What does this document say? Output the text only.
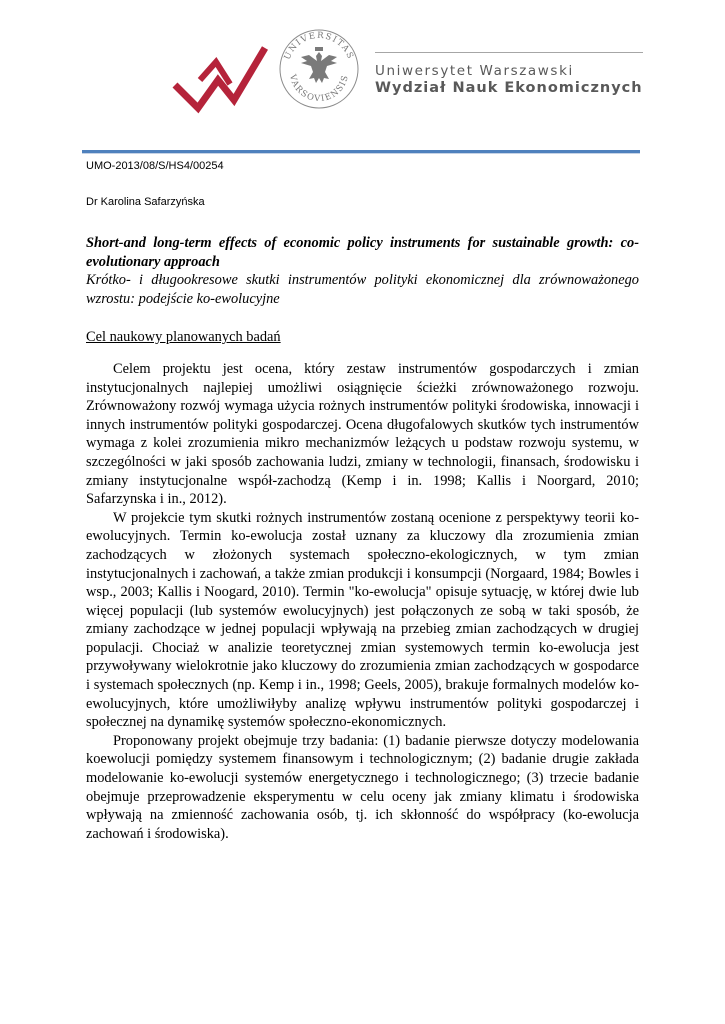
UNIVERSITAS
VARSOVIENSIS Uniwersytet Warszawski
Wydział Nauk Ekonomicznych
UMO-2013/08/S/HS4/00254
Dr Karolina Safarzyńska

Short-and long-term effects of economic policy instruments for sustainable growth: co-evolutionary approach

Krótko- i długookresowe skutki instrumentów polityki ekonomicznej dla zrównoważonego wzrostu: podejście ko-ewolucyjne

Cel naukowy planowanych badań

Celem projektu jest ocena, który zestaw instrumentów gospodarczych i zmian instytucjonalnych najlepiej umożliwi osiągnięcie ścieżki zrównoważonego rozwoju. Zrównoważony rozwój wymaga użycia rożnych instrumentów polityki środowiska, innowacji i innych instrumentów polityki gospodarczej. Ocena długofalowych skutków tych instrumentów wymaga z kolei zrozumienia mikro mechanizmów leżących u podstaw rozwoju systemu, w szczególności w jaki sposób zachowania ludzi, zmiany w technologii, finansach, środowisku i zmiany instytucjonalne współ-zachodzą (Kemp i in. 1998; Kallis i Noorgard, 2010; Safarzynska i in., 2012).

W projekcie tym skutki rożnych instrumentów zostaną ocenione z perspektywy teorii ko-ewolucyjnych. Termin ko-ewolucja został uznany za kluczowy dla zrozumienia zmian zachodzących w złożonych systemach społeczno-ekologicznych, w tym zmian instytucjonalnych i zachowań, a także zmian produkcji i konsumpcji (Norgaard, 1984; Bowles i wsp., 2003; Kallis i Noogard, 2010). Termin "ko-ewolucja" opisuje sytuację, w której dwie lub więcej populacji (lub systemów ewolucyjnych) jest połączonych ze sobą w taki sposób, że zmiany zachodzące w jednej populacji wpływają na przebieg zmian zachodzących w drugiej populacji. Chociaż w analizie teoretycznej zmian systemowych termin ko-ewolucja jest przywoływany wielokrotnie jako kluczowy do zrozumienia zmian zachodzących w gospodarce i systemach społecznych (np. Kemp i in., 1998; Geels, 2005), brakuje formalnych modelów ko-ewolucyjnych, które umożliwiłyby analizę wpływu instrumentów polityki gospodarczej i społecznej na dynamikę systemów społeczno-ekonomicznych.

Proponowany projekt obejmuje trzy badania: (1) badanie pierwsze dotyczy modelowania koewolucji pomiędzy systemem finansowym i technologicznym; (2) badanie drugie zakłada modelowanie ko-ewolucji systemów energetycznego i technologicznego; (3) trzecie badanie obejmuje przeprowadzenie eksperymentu w celu oceny jak zmiany klimatu i środowiska wpływają na zmienność zachowania osób, tj. ich skłonność do współpracy (ko-ewolucja zachowań i środowiska).
